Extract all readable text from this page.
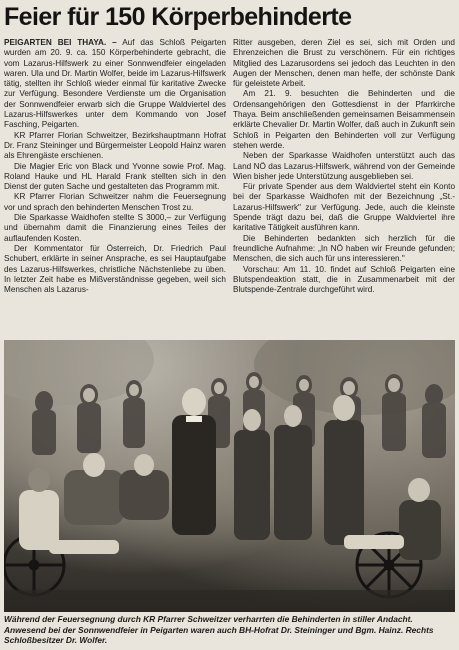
Feier für 150 Körperbehinderte

PEIGARTEN BEI THAYA. – Auf das Schloß Peigarten wurden am 20. 9. ca. 150 Körperbehinderte gebracht, die vom Lazarus-Hilfswerk zu einer Sonnwendfeier eingeladen waren. Ula und Dr. Martin Wolfer, beide im Lazarus-Hilfswerk tätig, stellten ihr Schloß wieder einmal für karitative Zwecke zur Verfügung. Besondere Verdienste um die Organisation der Sonnwendfeier erwarb sich die Gruppe Waldviertel des Lazarus-Hilfswerkes unter dem Kommando von Josef Fasching, Peigarten.

KR Pfarrer Florian Schweitzer, Bezirkshauptmann Hofrat Dr. Franz Steininger und Bürgermeister Leopold Hainz waren als Ehrengäste erschienen.

Die Magier Eric von Black und Yvonne sowie Prof. Mag. Roland Hauke und HL Harald Frank stellten sich in den Dienst der guten Sache und gestalteten das Programm mit.

KR Pfarrer Florian Schweitzer nahm die Feuersegnung vor und sprach den behinderten Menschen Trost zu.

Die Sparkasse Waidhofen stellte S 3000,– zur Verfügung und übernahm damit die Finanzierung eines Teiles der auflaufenden Kosten.

Der Kommentator für Österreich, Dr. Friedrich Paul Schubert, erklärte in seiner Ansprache, es sei Hauptaufgabe des Lazarus-Hilfswerkes, christliche Nächstenliebe zu üben. In letzter Zeit habe es Mißverständnisse gegeben, weil sich Menschen als Lazarus-

Ritter ausgeben, deren Ziel es sei, sich mit Orden und Ehrenzeichen die Brust zu verschönern. Für ein richtiges Mitglied des Lazarusordens sei jedoch das Leuchten in den Augen der Menschen, denen man helfe, der schönste Dank für geleistete Arbeit.

Am 21. 9. besuchten die Behinderten und die Ordensangehörigen den Gottesdienst in der Pfarrkirche Thaya. Beim anschließenden gemeinsamen Beisammensein erklärte Chevalier Dr. Martin Wolfer, daß auch in Zukunft sein Schloß in Peigarten den Behinderten voll zur Verfügung stehen werde.

Neben der Sparkasse Waidhofen unterstützt auch das Land NÖ das Lazarus-Hilfswerk, während von der Gemeinde Wien bisher jede Unterstützung ausgeblieben sei.

Für private Spender aus dem Waldviertel steht ein Konto bei der Sparkasse Waidhofen mit der Bezeichnung „St.-Lazarus-Hilfswerk" zur Verfügung. Jede, auch die kleinste Spende trägt dazu bei, daß die Gruppe Waldviertel ihre karitative Tätigkeit ausführen kann.

Die Behinderten bedankten sich herzlich für die freundliche Aufnahme: „In NÖ haben wir Freunde gefunden; Menschen, die sich auch für uns interessieren."

Vorschau: Am 11. 10. findet auf Schloß Peigarten eine Blutspendeaktion statt, die in Zusammenarbeit mit der Blutspende-Zentrale durchgeführt wird.

Während der Feuersegnung durch KR Pfarrer Schweitzer verharrten die Behinderten in stiller Andacht. Anwesend bei der Sonnwendfeier in Peigarten waren auch BH-Hofrat Dr. Steininger und Bgm. Hainz. Rechts Schloßbesitzer Dr. Wolfer.
